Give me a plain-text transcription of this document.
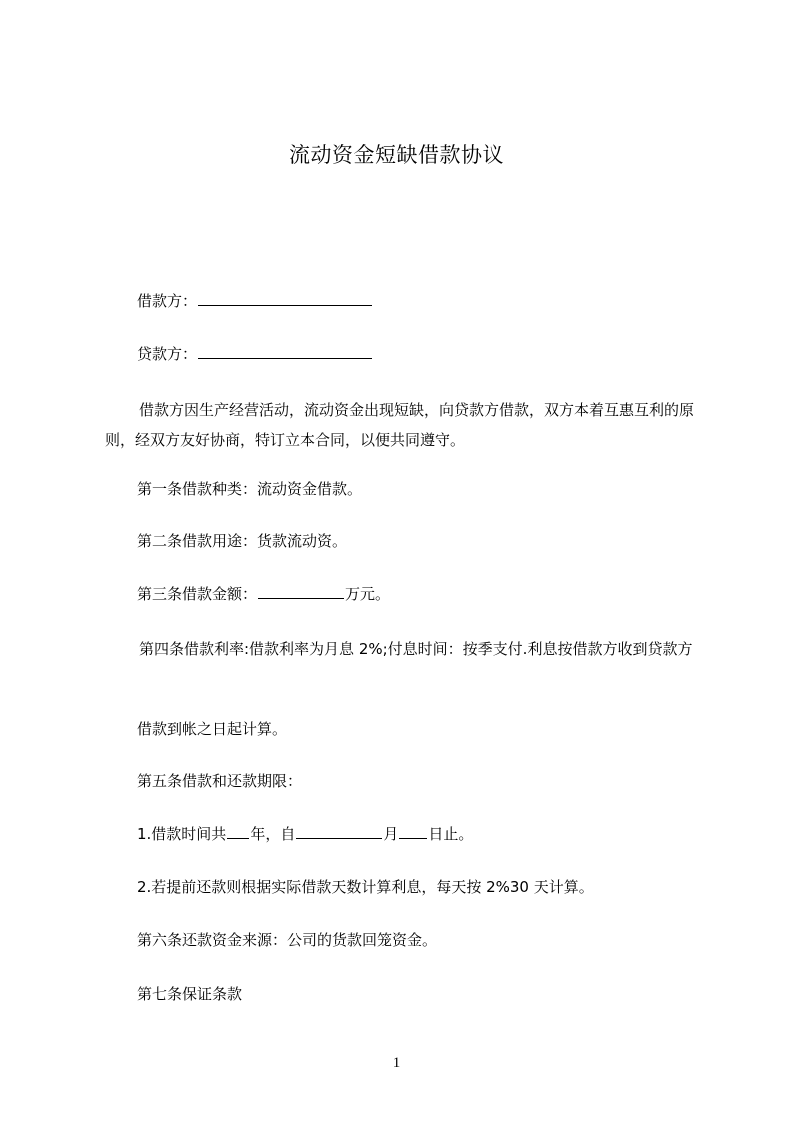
流动资金短缺借款协议
借款方：
贷款方：
借款方因生产经营活动，流动资金出现短缺，向贷款方借款，双方本着互惠互利的原则，经双方友好协商，特订立本合同，以便共同遵守。
第一条借款种类：流动资金借款。
第二条借款用途：货款流动资。
第三条借款金额：	万元。
第四条借款利率:借款利率为月息 2%;付息时间：按季支付.利息按借款方收到贷款方
借款到帐之日起计算。
第五条借款和还款期限：
1.借款时间共 年，自	月 日止。
2.若提前还款则根据实际借款天数计算利息，每天按 2%30 天计算。
第六条还款资金来源：公司的货款回笼资金。
第七条保证条款
1
